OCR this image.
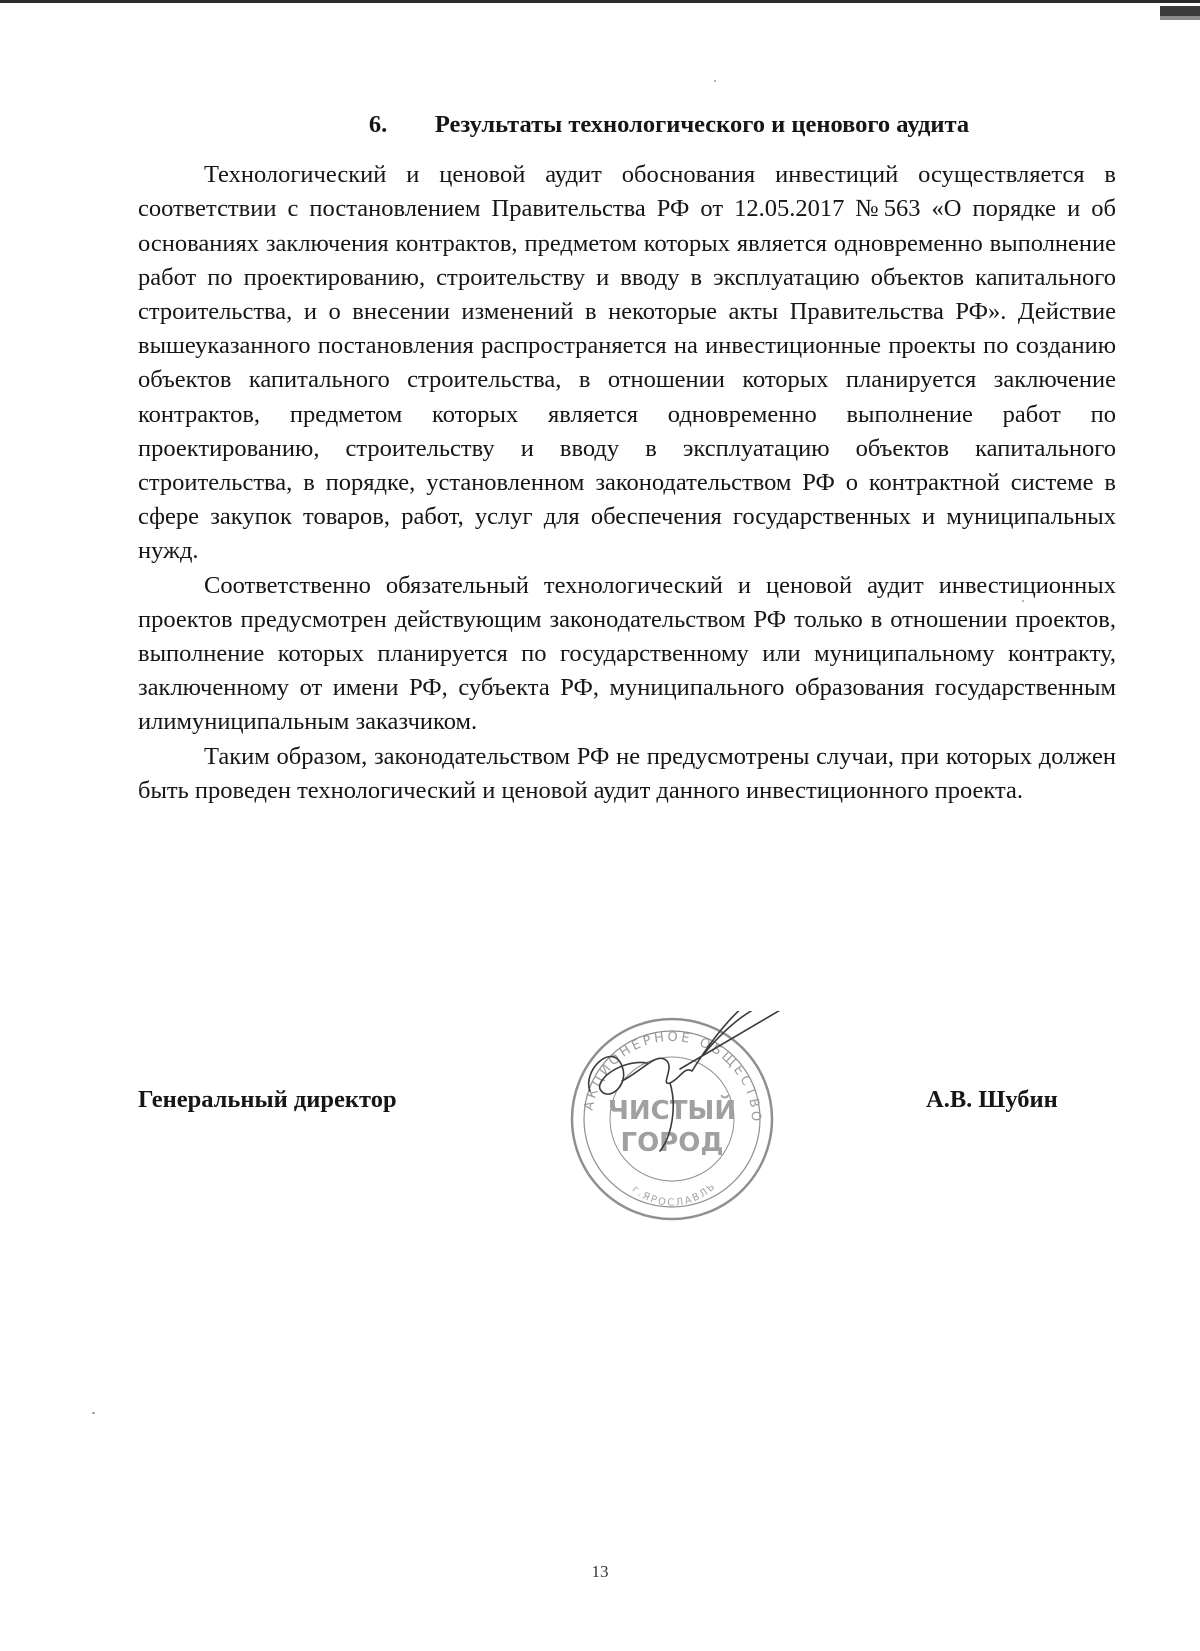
6.	Результаты технологического и ценового аудита

Технологический и ценовой аудит обоснования инвестиций осуществляется в соответствии с постановлением Правительства РФ от 12.05.2017 №563 «О порядке и об основаниях заключения контрактов, предметом которых является одновременно выполнение работ по проектированию, строительству и вводу в эксплуатацию объектов капитального строительства, и о внесении изменений в некоторые акты Правительства РФ». Действие вышеуказанного постановления распространяется на инвестиционные проекты по созданию объектов капитального строительства, в отношении которых планируется заключение контрактов, предметом которых является одновременно выполнение работ по проектированию, строительству и вводу в эксплуатацию объектов капитального строительства, в порядке, установленном законодательством РФ о контрактной системе в сфере закупок товаров, работ, услуг для обеспечения государственных и муниципальных нужд.

Соответственно обязательный технологический и ценовой аудит инвестиционных проектов предусмотрен действующим законодательством РФ только в отношении проектов, выполнение которых планируется по государственному или муниципальному контракту, заключенному от имени РФ, субъекта РФ, муниципального образования государственным илимуниципальным заказчиком.

Таким образом, законодательством РФ не предусмотрены случаи, при которых должен быть проведен технологический и ценовой аудит данного инвестиционного проекта.

Генеральный директор	АКЦИОНЕРНОЕ ОБЩЕСТВО
ЧИСТЫЙ
ГОРОД
г.ЯРОСЛАВЛЬ
А.В. Шубин
13
